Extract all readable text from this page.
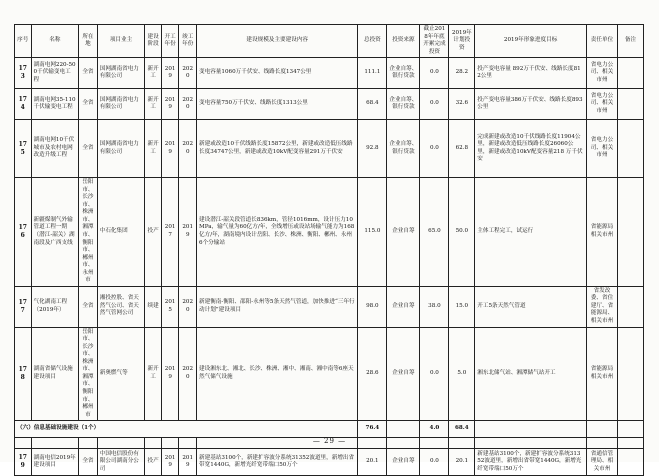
序号	名称	所在地	项目业主	建设阶段	开工年份	竣工年份	建设规模及主要建设内容	总投资	投资来源	截止2018年年底开累完成投资	2019年计划投资	2019年形象进度目标	责任单位	备注
173	湖南电网220-500千伏输变电工程	全省	国网湖南省电力有限公司	新开工	2019	2020	变电容量1060万千伏安、线路长度1347公里	111.1	企业自筹、银行贷款	0.0	28.2	投产变电容量 892万千伏安、线路长度812公里	省电力公司、相关市州	
174	湖南电网35-110千伏输变电工程	全省	国网湖南省电力有限公司	新开工	2019	2020	变电容量750万千伏安、线路长度1313公里	68.4	企业自筹、银行贷款	0.0	32.6	投产变电容量386万千伏安、线路长度893公里	省电力公司、相关市州	
175	湖南电网10千伏城市及农村电网改造升级工程	全省	国网湖南省电力有限公司	新开工	2019	2020	新建或改造10千伏线路长度15872公里，新建或改造低压线路长度34747公里，新建或改造10kV配变容量291万千伏安	92.8	企业自筹、银行贷款	0.0	62.8	完成新建或改造10千伏线路长度11904公里，新建或改造低压线路长度26060公里，新建或改造10kV配变容量218 万千伏安	省电力公司、相关市州	
176	新疆煤制气外输管道工程一期（潜江-韶关）湖南段及广西支线	岳阳市、长沙市、株洲市、湘潭市、衡阳市、郴州市、永州市	中石化集团	投产	2017	2019	建设潜江-韶关段管道长836km，管径1016mm，设计压力10MPa，输气量为60亿方/年，全线增压或设站场输气能力为168亿方/年，湖南境内设计岳阳、长沙、株洲、衡阳、郴州、永州6个分输站	115.0	企业自筹	65.0	50.0	主体工程完工，试运行	省能源局相关市州	
177	气化湖南工程（2019年）	全省	湘投控股、省天然气公司、省天然气管网公司	续建	2015	2020	新建衡南-衡阳、邵阳-永州等5条天然气管道，加快推进“三年行动计划”建设项目	98.0	企业自筹	38.0	15.0	开工5条天然气管道	省发改委、省住建厅、省能源局、相关市州	
178	湖南省储气设施建设项目	岳阳市、长沙市、株洲市、湘潭市、衡阳市、郴州市	新奥燃气等	新开工	2019	2020	建设湘东北、湘北、长沙、株洲、湘中、湘南、湘中南等6座天然气储气设施	28.6	企业自筹	0.0	5.0	湘东北储气站、湘潭储气站开工	省能源局相关市州	
（六）信息基础设施建设（1个）								76.4		4.0	68.4			

179	湖南电信2019年建设项目	全省	中国电信股份有限公司湖南分公司	投产	2019	2019	新建基站3100个，新建扩容波分系统31352波道里，新增出省带宽1440G，新增光纤宽带端口50万个	20.1	企业自筹	0.0	20.1	新建基站3100个，新建扩容波分系统31352波道里，新增出省带宽1440G，新增光纤宽带端口50万个	省通信管理局、相关市州	
— 29 —
